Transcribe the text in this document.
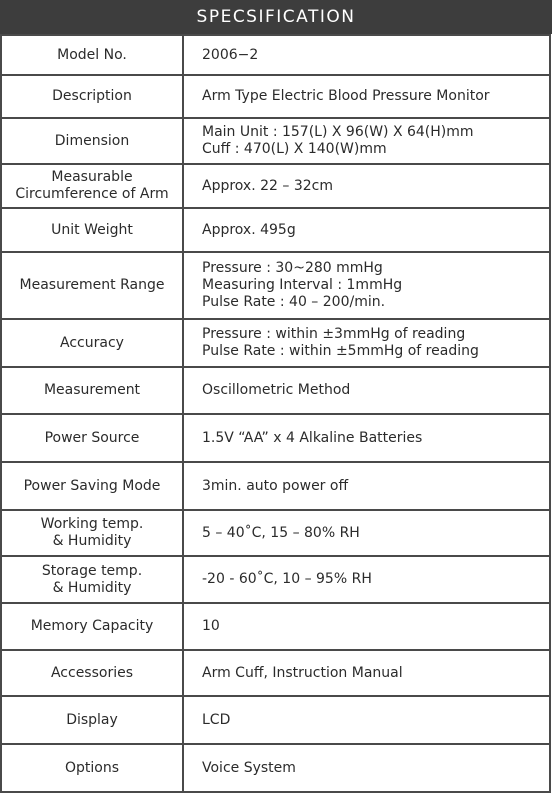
SPECSIFICATION
Model No.	2006−2

Description	Arm Type Electric Blood Pressure Monitor

Dimension	Main Unit : 157(L) X 96(W) X 64(H)mm
Cuff : 470(L) X 140(W)mm

Measurable
Circumference of Arm	Approx. 22 – 32cm

Unit Weight	Approx. 495g

Measurement Range	Pressure : 30~280 mmHg
Measuring Interval : 1mmHg
Pulse Rate : 40 – 200/min.

Accuracy	Pressure : within ±3mmHg of reading
Pulse Rate : within ±5mmHg of reading

Measurement	Oscillometric Method

Power Source	1.5V “AA” x 4 Alkaline Batteries

Power Saving Mode	3min. auto power off

Working temp.
& Humidity	5 – 40˚C, 15 – 80% RH

Storage temp.
& Humidity	-20 - 60˚C, 10 – 95% RH

Memory Capacity	10

Accessories	Arm Cuff, Instruction Manual

Display	LCD

Options	Voice System
